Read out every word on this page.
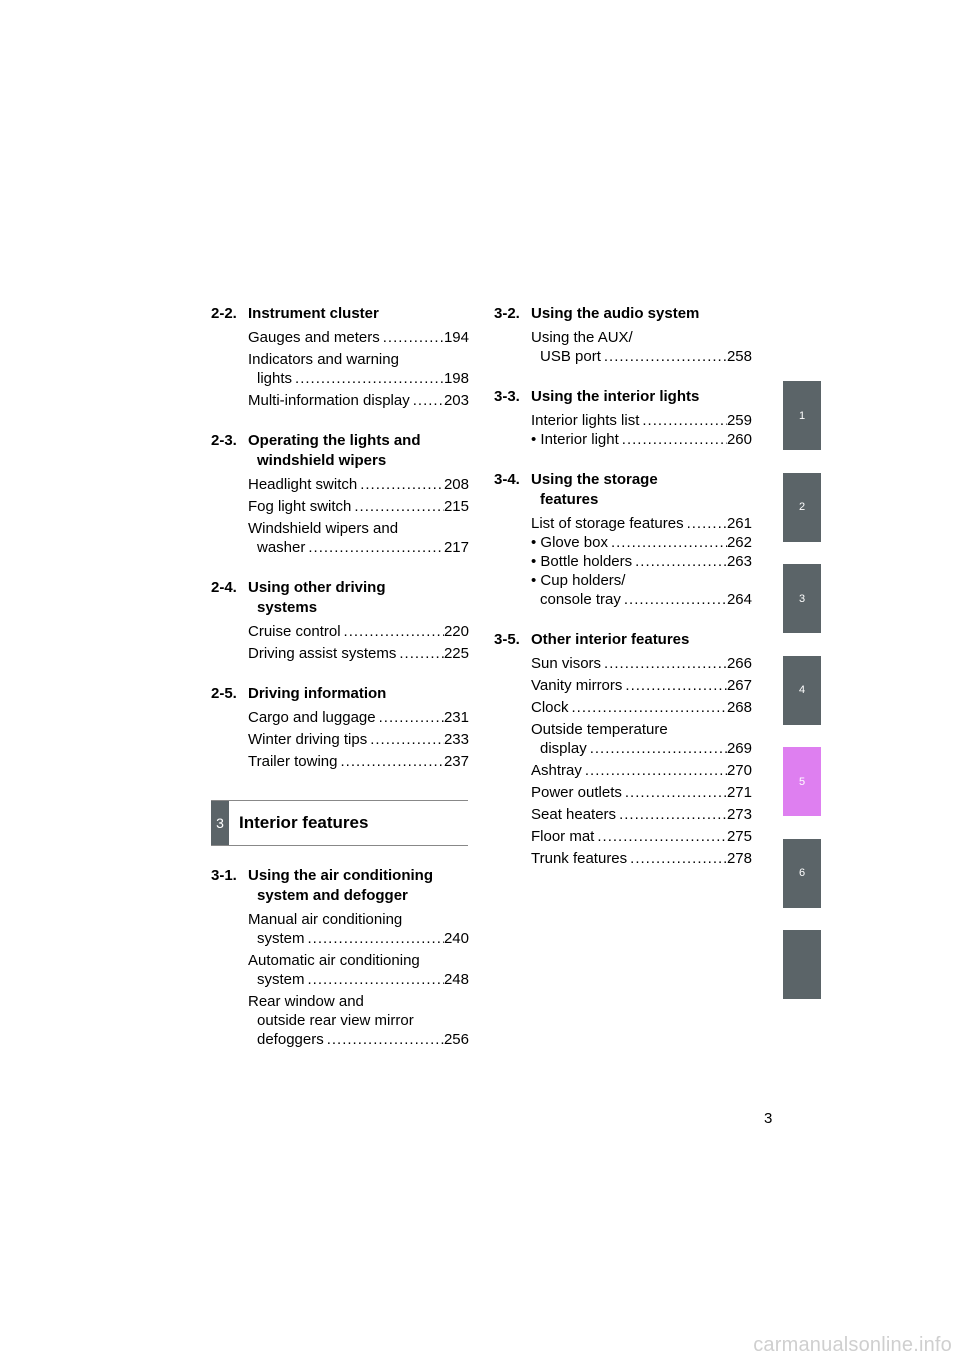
2-2. Instrument cluster
Gauges and meters .....	194
Indicators and warning
lights .....	198
Multi-information display ..... 203
2-3. Operating the lights and
windshield wipers
Headlight switch .....	208
Fog light switch .....	215
Windshield wipers and
washer .....	217
2-4. Using other driving
systems
Cruise control .....	220
Driving assist systems .....	225
2-5. Driving information
Cargo and luggage .....	231
Winter driving tips .....	233
Trailer towing .....	237
3 Interior features
3-1. Using the air conditioning
system and defogger
Manual air conditioning
system .....	240
Automatic air conditioning
system .....	248
Rear window and
outside rear view mirror
defoggers .....	256
3-2. Using the audio system
Using the AUX/
USB port .....	258
3-3. Using the interior lights
Interior lights list .....	259
• Interior light .....	260
3-4. Using the storage
features
List of storage features .....	261
• Glove box .....	262
• Bottle holders .....	263
• Cup holders/
console tray .....	264
3-5. Other interior features
Sun visors .....	266
Vanity mirrors .....	267
Clock .....	268
Outside temperature
display .....	269
Ashtray .....	270
Power outlets .....	271
Seat heaters .....	273
Floor mat .....	275
Trunk features .....	278
1
2
3
4
5
6
3
carmanualsonline.info
